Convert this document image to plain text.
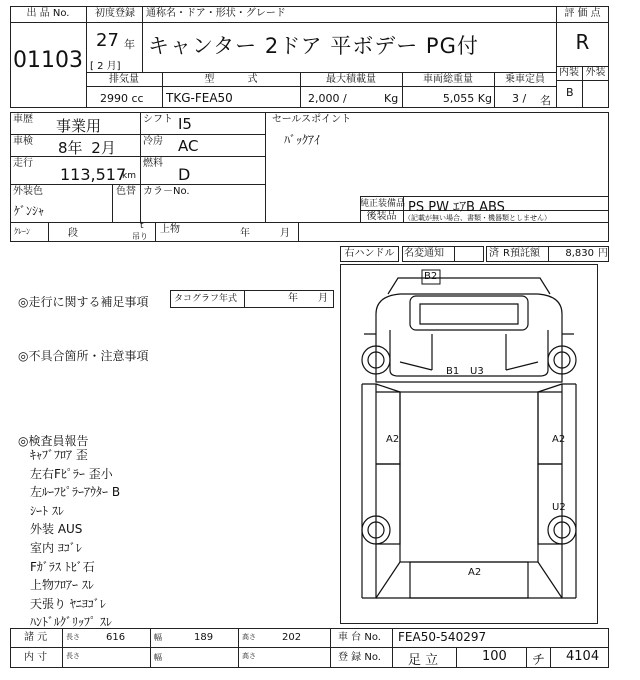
出 品 No.
01103
初度登録	通称名・ドア・形状・グレード
27 年
[ 2 月]
キャンター 2ドア 平ボデー PG付
評 価 点
R
内装 外装
B
排気量	型 式	最大積載量	車両総重量	乗車定員
2990 cc TKG-FEA50	2,000 /	Kg	5,055 Kg 3 / 名
車歴 事業用	シフト I5
車検 8年 2月	冷房 AC
走行
113,517
km
燃料
D
外装色
ｹﾞﾝｼｬ
色替 カラ－No.
セールスポイント
ﾊﾞｯｸｱｲ
純正装備品 PS PW ｴｱB ABS
後装品	（記載が無い場合、書類・機器類としません）
ｸﾚｰﾝ	段
t
吊り
上物	年	月
右ハンドル 名変通知	済 R預託額	8,830 円
◎走行に関する補足事項	タコグラフ年式	年 月
◎不具合箇所・注意事項
◎検査員報告
ｷｬﾌﾞﾌﾛｱ 歪
左右Fﾋﾟﾗｰ 歪小
左ﾙｰﾌﾋﾟﾗｰｱｳﾀｰ B
ｼｰﾄ ｽﾚ
外装 AUS
室内 ﾖｺﾞﾚ
Fｶﾞﾗｽ ﾄﾋﾞ石
上物ﾌﾛｱｰ ｽﾚ
天張り ﾔﾆﾖｺﾞﾚ
ﾊﾝﾄﾞﾙｸﾞﾘｯﾌﾟ ｽﾚ
B2
B1 U3
A2	A2
U2
A2
諸 元	長さ	616	幅	189	高さ	202	車 台 No. FEA50-540297
内 寸	長さ	幅	高さ	登 録 No. 足 立	100 チ 4104
